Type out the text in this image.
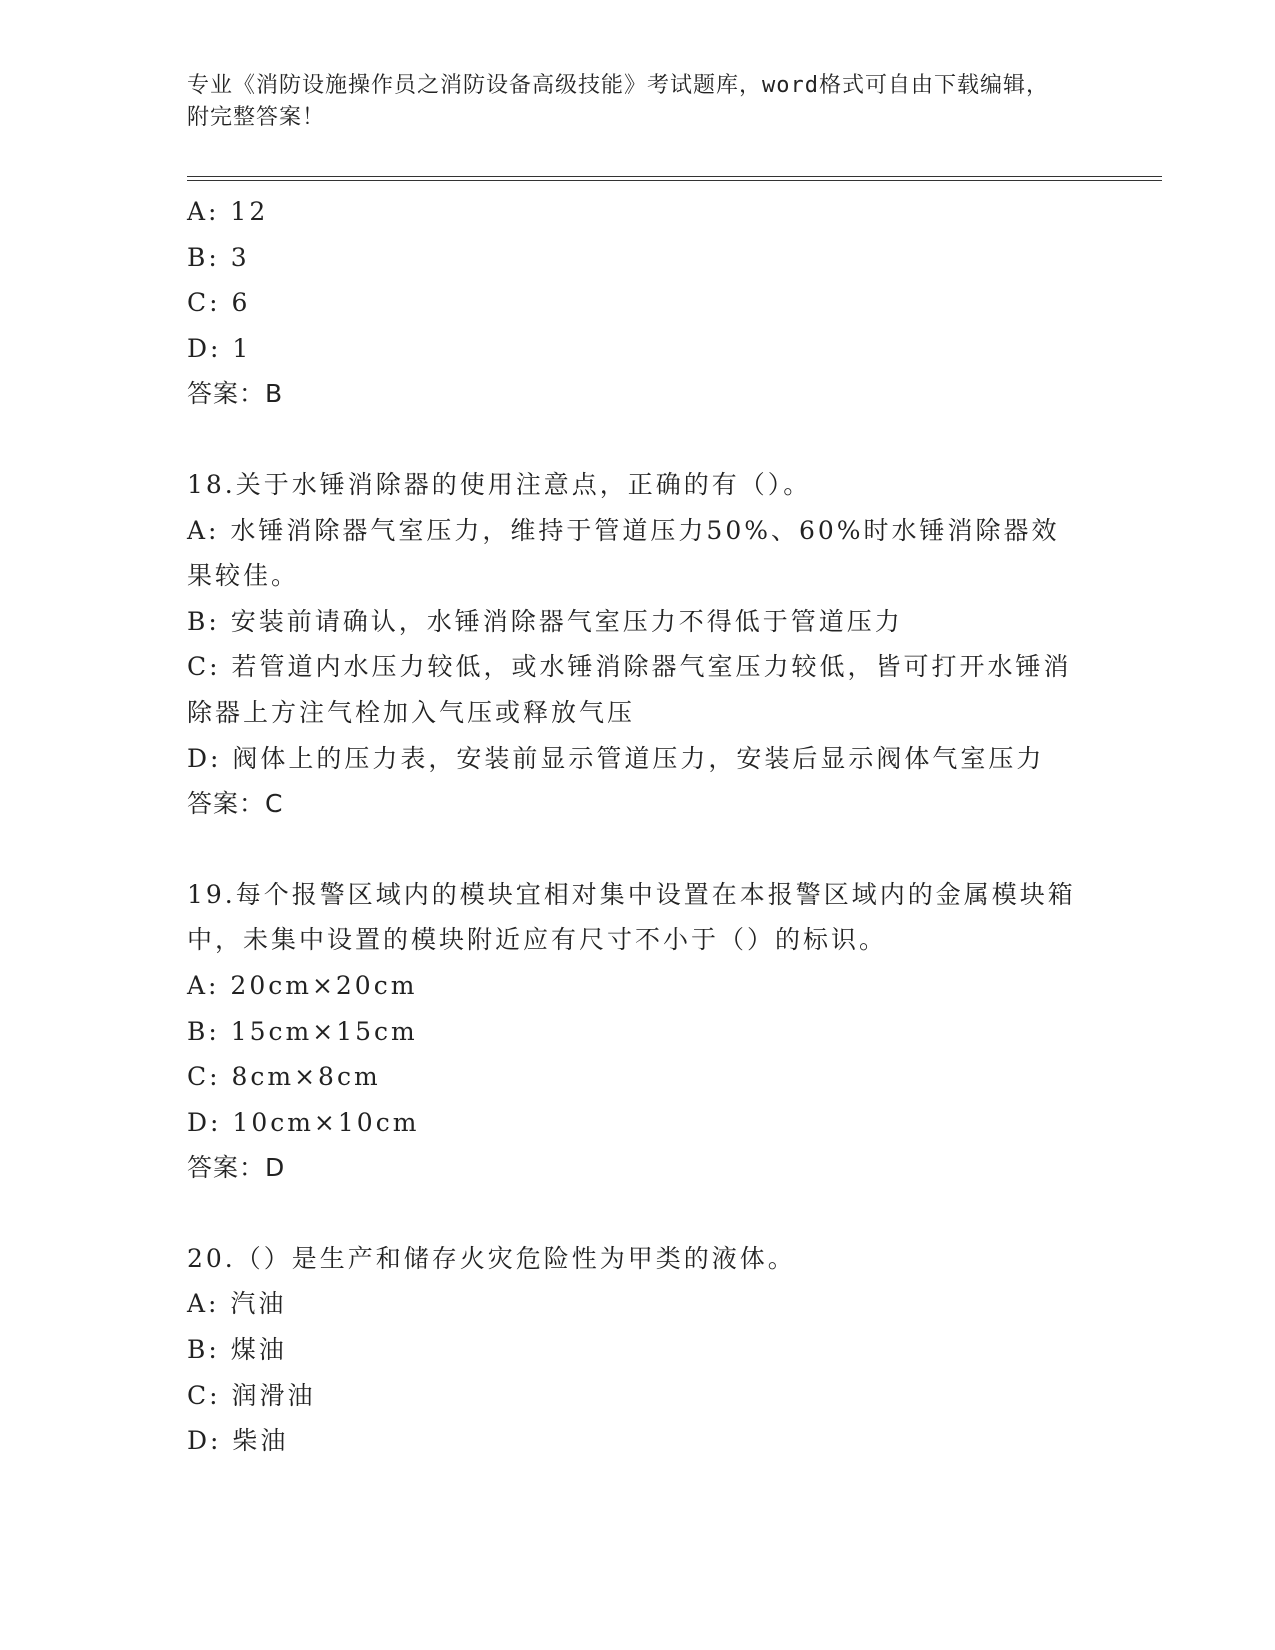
专业《消防设施操作员之消防设备高级技能》考试题库，word格式可自由下载编辑，附完整答案！

A: 12
B: 3
C: 6
D: 1
答案：B
18.关于水锤消除器的使用注意点，正确的有（）。
A: 水锤消除器气室压力，维持于管道压力50%、60%时水锤消除器效果较佳。
B: 安装前请确认，水锤消除器气室压力不得低于管道压力
C: 若管道内水压力较低，或水锤消除器气室压力较低，皆可打开水锤消除器上方注气栓加入气压或释放气压
D: 阀体上的压力表，安装前显示管道压力，安装后显示阀体气室压力
答案：C
19.每个报警区域内的模块宜相对集中设置在本报警区域内的金属模块箱中，未集中设置的模块附近应有尺寸不小于（）的标识。
A: 20cm×20cm
B: 15cm×15cm
C: 8cm×8cm
D: 10cm×10cm
答案：D
20.（）是生产和储存火灾危险性为甲类的液体。
A: 汽油
B: 煤油
C: 润滑油
D: 柴油
